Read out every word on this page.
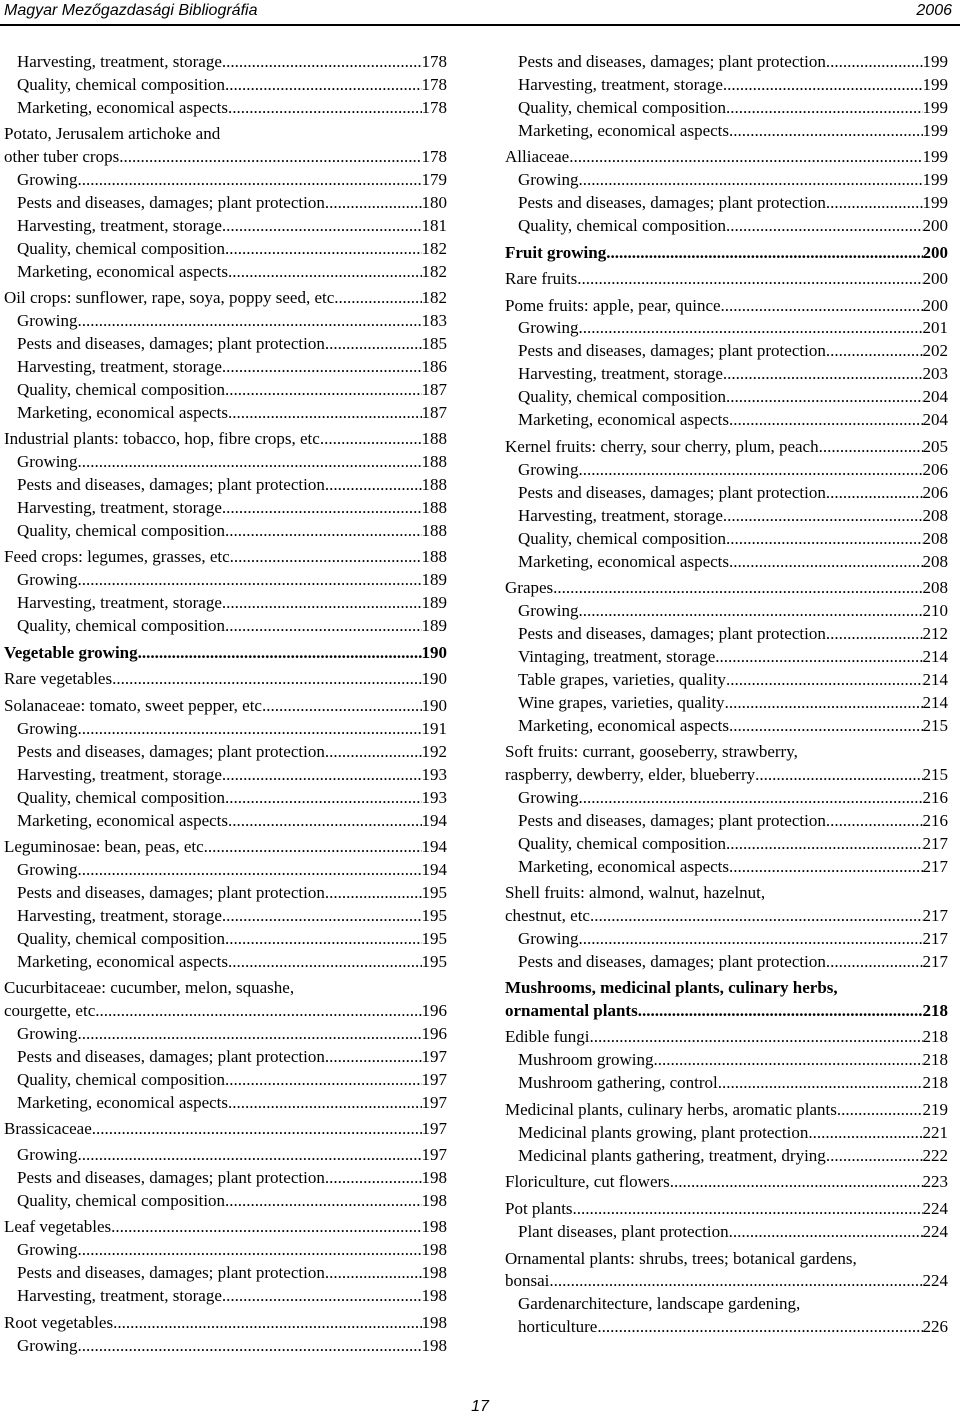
Magyar Mezőgazdasági Bibliográfia	2006
Harvesting, treatment, storage .....	178
Quality, chemical composition .....	178
Marketing, economical aspects .....	178
Potato, Jerusalem artichoke and
other tuber crops .....	178
Growing .....	179
Pests and diseases, damages; plant protection .....	180
Harvesting, treatment, storage .....	181
Quality, chemical composition .....	182
Marketing, economical aspects .....	182
Oil crops: sunflower, rape, soya, poppy seed, etc .....	182
Growing .....	183
Pests and diseases, damages; plant protection .....	185
Harvesting, treatment, storage .....	186
Quality, chemical composition .....	187
Marketing, economical aspects .....	187
Industrial plants: tobacco, hop, fibre crops, etc. .....	188
Growing .....	188
Pests and diseases, damages; plant protection .....	188
Harvesting, treatment, storage .....	188
Quality, chemical composition .....	188
Feed crops: legumes, grasses, etc. .....	188
Growing .....	189
Harvesting, treatment, storage .....	189
Quality, chemical composition .....	189
Vegetable growing .....	190
Rare vegetables .....	190
Solanaceae: tomato, sweet pepper, etc. .....	190
Growing .....	191
Pests and diseases, damages; plant protection .....	192
Harvesting, treatment, storage .....	193
Quality, chemical composition .....	193
Marketing, economical aspects .....	194
Leguminosae: bean, peas, etc. .....	194
Growing .....	194
Pests and diseases, damages; plant protection .....	195
Harvesting, treatment, storage .....	195
Quality, chemical composition .....	195
Marketing, economical aspects .....	195
Cucurbitaceae: cucumber, melon, squashe,
courgette, etc .....	196
Growing .....	196
Pests and diseases, damages; plant protection .....	197
Quality, chemical composition .....	197
Marketing, economical aspects .....	197
Brassicaceae .....	197
Growing .....	197
Pests and diseases, damages; plant protection .....	198
Quality, chemical composition .....	198
Leaf vegetables .....	198
Growing .....	198
Pests and diseases, damages; plant protection .....	198
Harvesting, treatment, storage .....	198
Root vegetables .....	198
Growing .....	198
Pests and diseases, damages; plant protection .....	199
Harvesting, treatment, storage .....	199
Quality, chemical composition .....	199
Marketing, economical aspects .....	199
Alliaceae .....	199
Growing .....	199
Pests and diseases, damages; plant protection .....	199
Quality, chemical composition .....	200
Fruit growing .....	200
Rare fruits .....	200
Pome fruits: apple, pear, quince .....	200
Growing .....	201
Pests and diseases, damages; plant protection .....	202
Harvesting, treatment, storage .....	203
Quality, chemical composition .....	204
Marketing, economical aspects .....	204
Kernel fruits: cherry, sour cherry, plum, peach .....	205
Growing .....	206
Pests and diseases, damages; plant protection .....	206
Harvesting, treatment, storage .....	208
Quality, chemical composition .....	208
Marketing, economical aspects .....	208
Grapes .....	208
Growing .....	210
Pests and diseases, damages; plant protection .....	212
Vintaging, treatment, storage .....	214
Table grapes, varieties, quality .....	214
Wine grapes, varieties, quality .....	214
Marketing, economical aspects .....	215
Soft fruits: currant, gooseberry, strawberry,
raspberry, dewberry, elder, blueberry .....	215
Growing .....	216
Pests and diseases, damages; plant protection .....	216
Quality, chemical composition .....	217
Marketing, economical aspects .....	217
Shell fruits: almond, walnut, hazelnut,
chestnut, etc. .....	217
Growing .....	217
Pests and diseases, damages; plant protection .....	217
Mushrooms, medicinal plants, culinary herbs,
ornamental plants .....	218
Edible fungi .....	218
Mushroom growing .....	218
Mushroom gathering, control .....	218
Medicinal plants, culinary herbs, aromatic plants .....	219
Medicinal plants growing, plant protection .....	221
Medicinal plants gathering, treatment, drying .....	222
Floriculture, cut flowers .....	223
Pot plants .....	224
Plant diseases, plant protection .....	224
Ornamental plants: shrubs, trees; botanical gardens,
bonsai .....	224
Gardenarchitecture, landscape gardening,
horticulture .....	226
17
